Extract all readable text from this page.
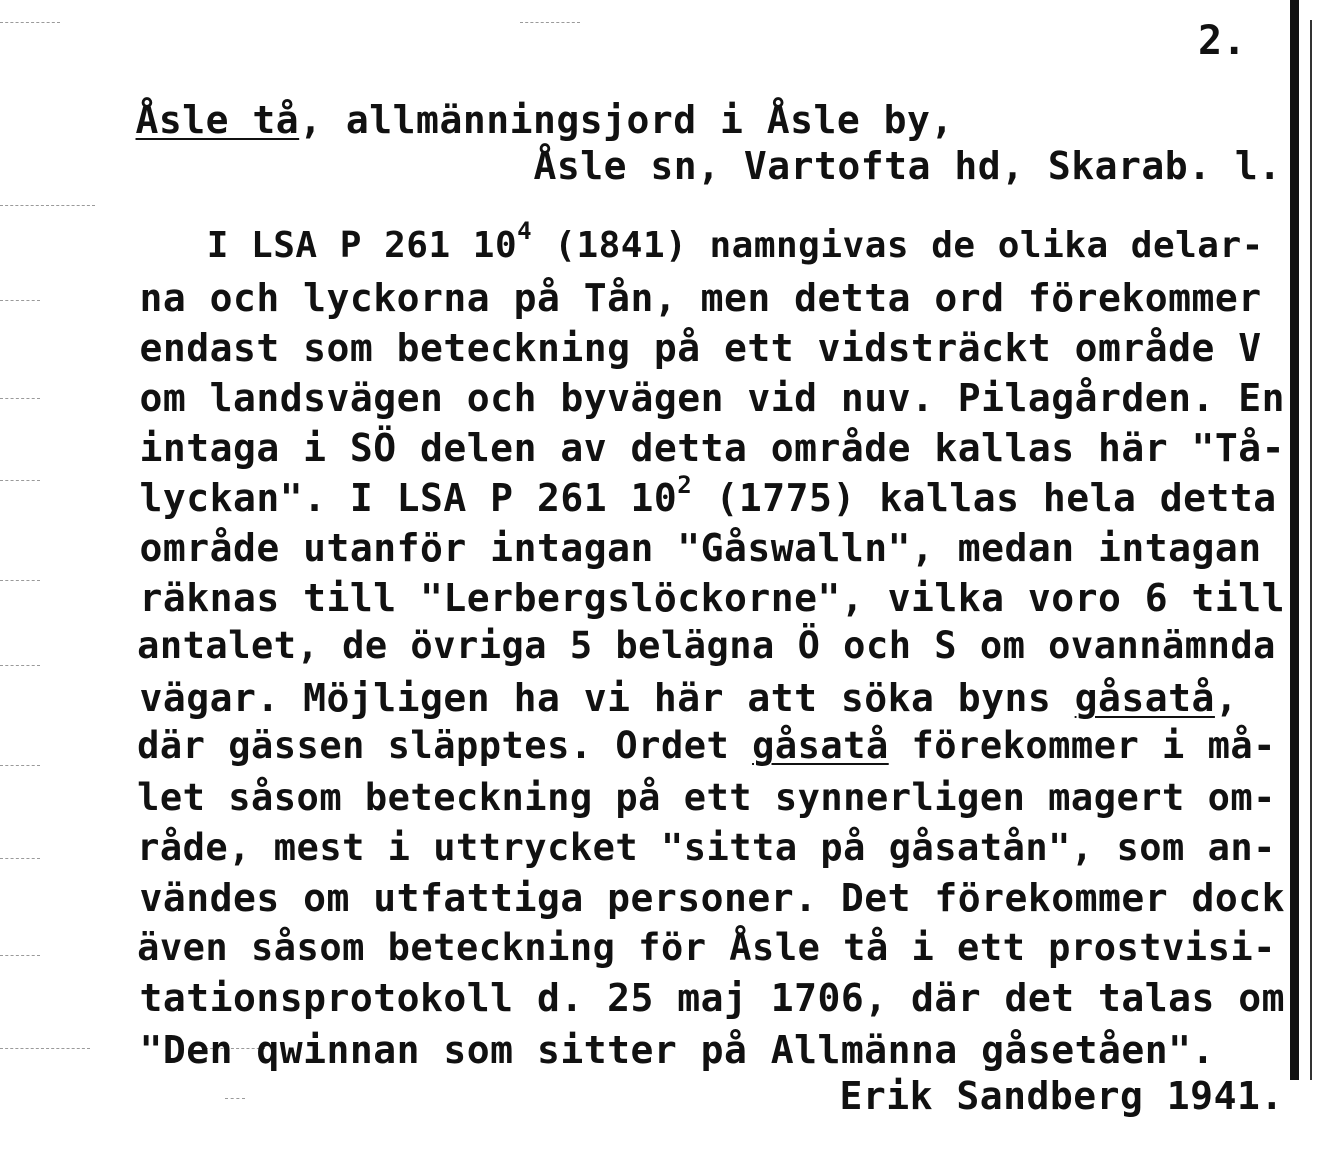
2.

Åsle tå, allmänningsjord i Åsle by,

Åsle sn, Vartofta hd, Skarab. l.

I LSA P 261 $10^4$ (1841) namngivas de olika delar-

na och lyckorna på Tån, men detta ord förekommer

endast som beteckning på ett vidsträckt område V

om landsvägen och byvägen vid nuv. Pilagården. En

intaga i SÖ delen av detta område kallas här "Tå-

lyckan". I LSA P 261 $10^2$ (1775) kallas hela detta

område utanför intagan "Gåswalln", medan intagan

räknas till "Lerbergslöckorne", vilka voro 6 till

antalet, de övriga 5 belägna Ö och S om ovannämnda

vägar. Möjligen ha vi här att söka byns gåsatå,

där gässen släpptes. Ordet gåsatå förekommer i må-

let såsom beteckning på ett synnerligen magert om-

råde, mest i uttrycket "sitta på gåsatån", som an-

vändes om utfattiga personer. Det förekommer dock

även såsom beteckning för Åsle tå i ett prostvisi-

tationsprotokoll d. 25 maj 1706, där det talas om

"Den qwinnan som sitter på Allmänna gåsetåen".

Erik Sandberg 1941.
